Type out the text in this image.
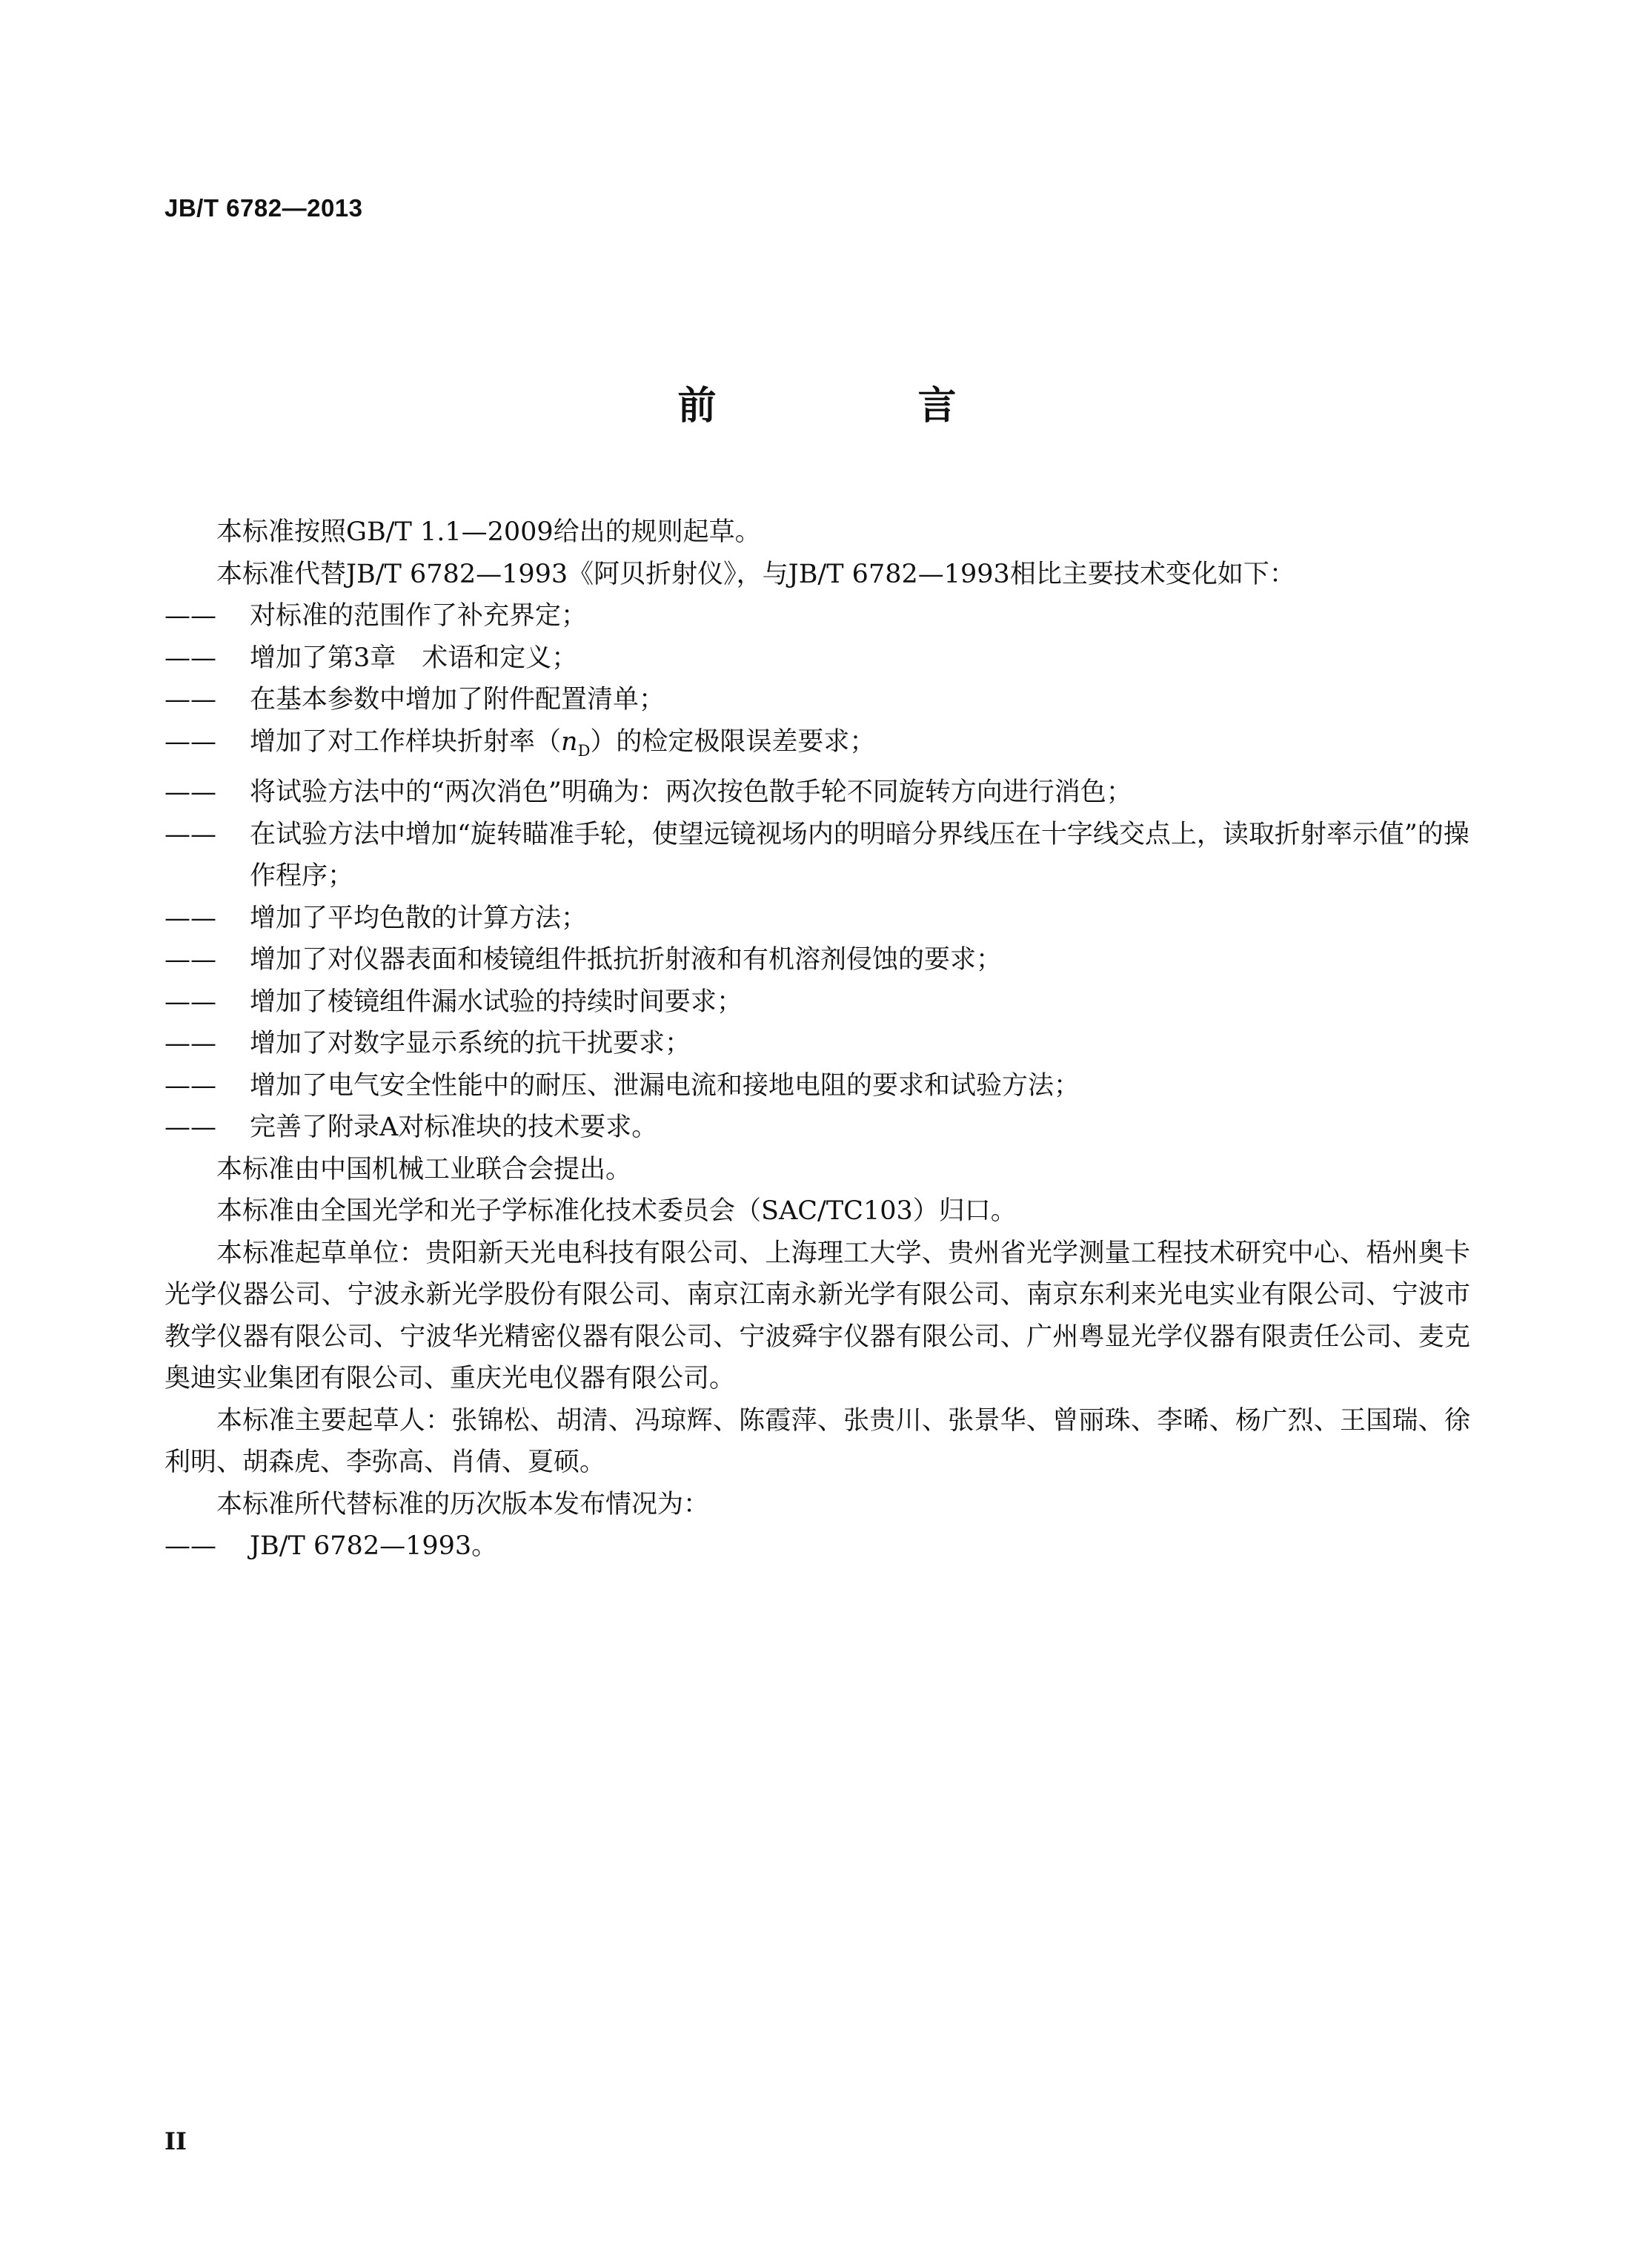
JB/T 6782—2013
前　言

本标准按照GB/T 1.1—2009给出的规则起草。

本标准代替JB/T 6782—1993《阿贝折射仪》，与JB/T 6782—1993相比主要技术变化如下：

—— 对标准的范围作了补充界定；

—— 增加了第3章　术语和定义；

—— 在基本参数中增加了附件配置清单；

—— 增加了对工作样块折射率$(n_D)$的检定极限误差要求；

—— 将试验方法中的“两次消色”明确为：两次按色散手轮不同旋转方向进行消色；

—— 在试验方法中增加“旋转瞄准手轮，使望远镜视场内的明暗分界线压在十字线交点上，读取折射率示值”的操作程序；

—— 增加了平均色散的计算方法；

—— 增加了对仪器表面和棱镜组件抵抗折射液和有机溶剂侵蚀的要求；

—— 增加了棱镜组件漏水试验的持续时间要求；

—— 增加了对数字显示系统的抗干扰要求；

—— 增加了电气安全性能中的耐压、泄漏电流和接地电阻的要求和试验方法；

—— 完善了附录A对标准块的技术要求。

本标准由中国机械工业联合会提出。

本标准由全国光学和光子学标准化技术委员会（SAC/TC103）归口。

本标准起草单位：贵阳新天光电科技有限公司、上海理工大学、贵州省光学测量工程技术研究中心、梧州奥卡光学仪器公司、宁波永新光学股份有限公司、南京江南永新光学有限公司、南京东利来光电实业有限公司、宁波市教学仪器有限公司、宁波华光精密仪器有限公司、宁波舜宇仪器有限公司、广州粤显光学仪器有限责任公司、麦克奥迪实业集团有限公司、重庆光电仪器有限公司。

本标准主要起草人：张锦松、胡清、冯琼辉、陈霞萍、张贵川、张景华、曾丽珠、李晞、杨广烈、王国瑞、徐利明、胡森虎、李弥高、肖倩、夏硕。

本标准所代替标准的历次版本发布情况为：

—— JB/T 6782—1993。

II
